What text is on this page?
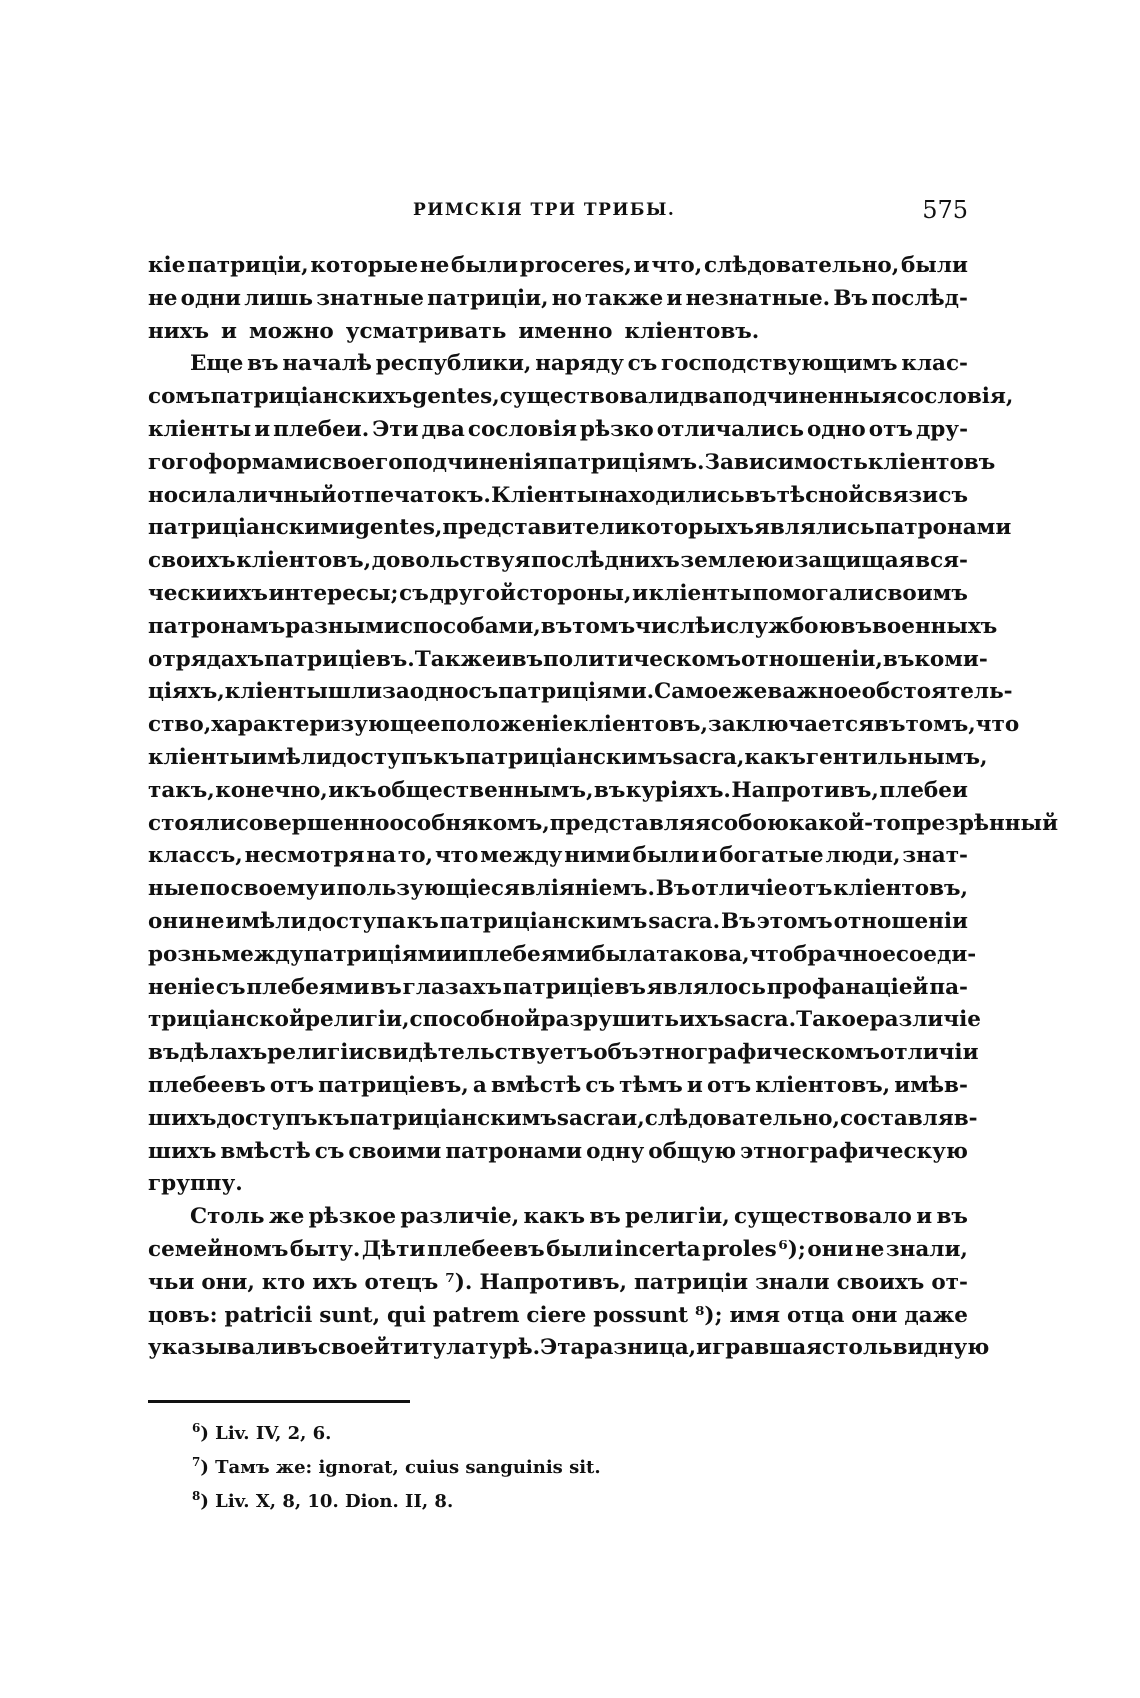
РИМСКІЯ ТРИ ТРИБЫ.	575
кіе патриціи, которые не были proceres, и что, слѣдовательно, были
не одни лишь знатные патриціи, но также и незнатные. Въ послѣд-
нихъ и можно усматривать именно кліентовъ.
Еще въ началѣ республики, наряду съ господствующимъ клас-
сомъ патриціанскихъ gentes, существовали два подчиненныя сословія,
кліенты и плебеи. Эти два сословія рѣзко отличались одно отъ дру-
гого формами своего подчиненія патриціямъ. Зависимость кліентовъ
носила личный отпечатокъ. Кліенты находились въ тѣсной связи съ
патриціанскими gentes, представители которыхъ являлись патронами
своихъ кліентовъ, довольствуя послѣднихъ землею и защищая вся-
чески ихъ интересы; съ другой стороны, и кліенты помогали своимъ
патронамъ разными способами, въ томъ числѣ и службою въ военныхъ
отрядахъ патриціевъ. Также и въ политическомъ отношеніи, въ коми-
ціяхъ, кліенты шли заодно съ патриціями. Самое же важное обстоятель-
ство, характеризующее положеніе кліентовъ, заключается въ томъ, что
кліенты имѣли доступъ къ патриціанскимъ sacra, какъ гентильнымъ,
такъ, конечно, и къ общественнымъ, въ куріяхъ. Напротивъ, плебеи
стояли совершенно особнякомъ, представляя собою какой-то презрѣнный
классъ, несмотря на то, что между ними были и богатые люди, знат-
ные по своему и пользующіеся вліяніемъ. Въ отличіе отъ кліентовъ,
они не имѣли доступа къ патриціанскимъ sacra. Въ этомъ отношеніи
рознь между патриціями и плебеями была такова, что брачное соеди-
неніе съ плебеями въ глазахъ патриціевъ являлось профанаціей па-
триціанской религіи, способной разрушить ихъ sacra. Такое различіе
въ дѣлахъ религіи свидѣтельствуетъ объ этнографическомъ отличіи
плебеевъ отъ патриціевъ, а вмѣстѣ съ тѣмъ и отъ кліентовъ, имѣв-
шихъ доступъ къ патриціанскимъ sacra и, слѣдовательно, составляв-
шихъ вмѣстѣ съ своими патронами одну общую этнографическую
группу.
Столь же рѣзкое различіе, какъ въ религіи, существовало и въ
семейномъ быту. Дѣти плебеевъ были incerta proles ⁶); они не знали,
чьи они, кто ихъ отецъ ⁷). Напротивъ, патриціи знали своихъ от-
цовъ: patricii sunt, qui patrem ciere possunt ⁸); имя отца они даже
указывали въ своей титулатурѣ. Эта разница, игравшая столь видную
$^6$) Liv. IV, 2, 6.
$^7$) Тамъ же: ignorat, cuius sanguinis sit.
$^8$) Liv. X, 8, 10. Dion. II, 8.
